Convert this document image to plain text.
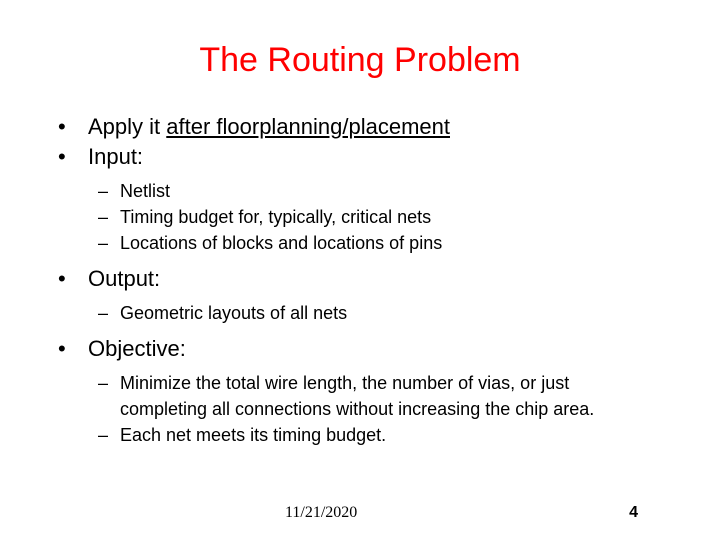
The Routing Problem
•	Apply it after floorplanning/placement
•	Input:
– Netlist
– Timing budget for, typically, critical nets
– Locations of blocks and locations of pins
•	Output:
– Geometric layouts of all nets
•	Objective:
– Minimize the total wire length, the number of vias, or just completing all connections without increasing the chip area.
– Each net meets its timing budget.
11/21/2020	4
